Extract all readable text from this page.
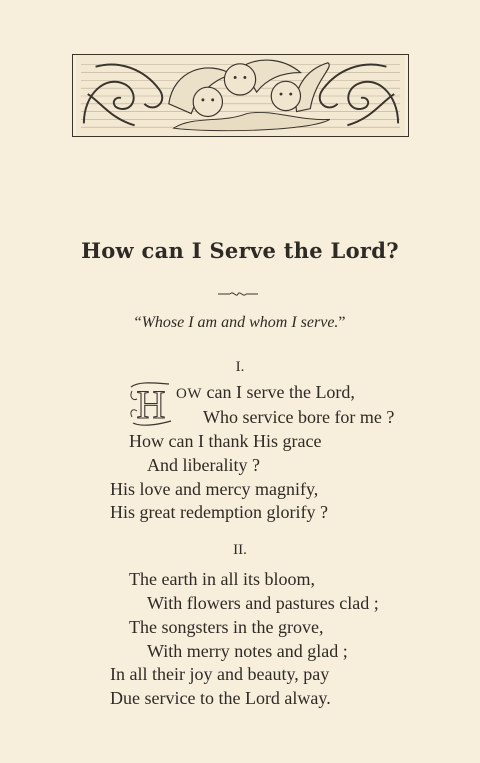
How can I Serve the Lord?
“Whose I am and whom I serve.”
I.
H OW can I serve the Lord,
Who service bore for me ?
How can I thank His grace
And liberality ?
His love and mercy magnify,
His great redemption glorify ?
II.
The earth in all its bloom,
With flowers and pastures clad ;
The songsters in the grove,
With merry notes and glad ;
In all their joy and beauty, pay
Due service to the Lord alway.
